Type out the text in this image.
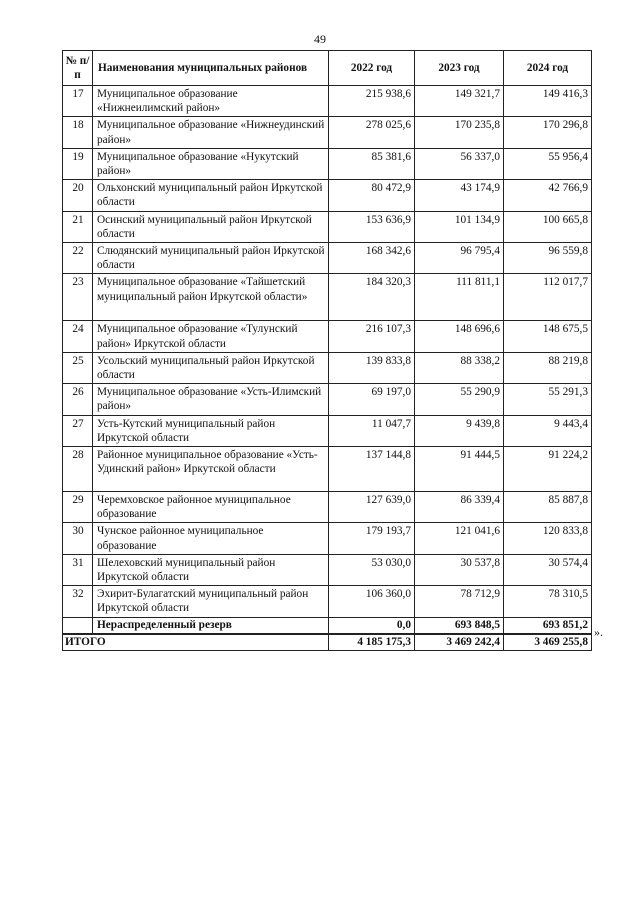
49
№ п/п	Наименования муниципальных районов	2022 год	2023 год	2024 год
17	Муниципальное образование «Нижнеилимский район»	215 938,6	149 321,7	149 416,3
18	Муниципальное образование «Нижнеудинский район»	278 025,6	170 235,8	170 296,8
19	Муниципальное образование «Нукутский район»	85 381,6	56 337,0	55 956,4
20	Ольхонский муниципальный район Иркутской области	80 472,9	43 174,9	42 766,9
21	Осинский муниципальный район Иркутской области	153 636,9	101 134,9	100 665,8
22	Слюдянский муниципальный район Иркутской области	168 342,6	96 795,4	96 559,8
23	Муниципальное образование «Тайшетский муниципальный район Иркутской области»	184 320,3	111 811,1	112 017,7
24	Муниципальное образование «Тулунский район» Иркутской области	216 107,3	148 696,6	148 675,5
25	Усольский муниципальный район Иркутской области	139 833,8	88 338,2	88 219,8
26	Муниципальное образование «Усть-Илимский район»	69 197,0	55 290,9	55 291,3
27	Усть-Кутский муниципальный район Иркутской области	11 047,7	9 439,8	9 443,4
28	Районное муниципальное образование «Усть-Удинский район» Иркутской области	137 144,8	91 444,5	91 224,2
29	Черемховское районное муниципальное образование	127 639,0	86 339,4	85 887,8
30	Чунское районное муниципальное образование	179 193,7	121 041,6	120 833,8
31	Шелеховский муниципальный район Иркутской области	53 030,0	30 537,8	30 574,4
32	Эхирит-Булагатский муниципальный район Иркутской области	106 360,0	78 712,9	78 310,5
	Нераспределенный резерв	0,0	693 848,5	693 851,2
ИТОГО		4 185 175,3	3 469 242,4	3 469 255,8
».
